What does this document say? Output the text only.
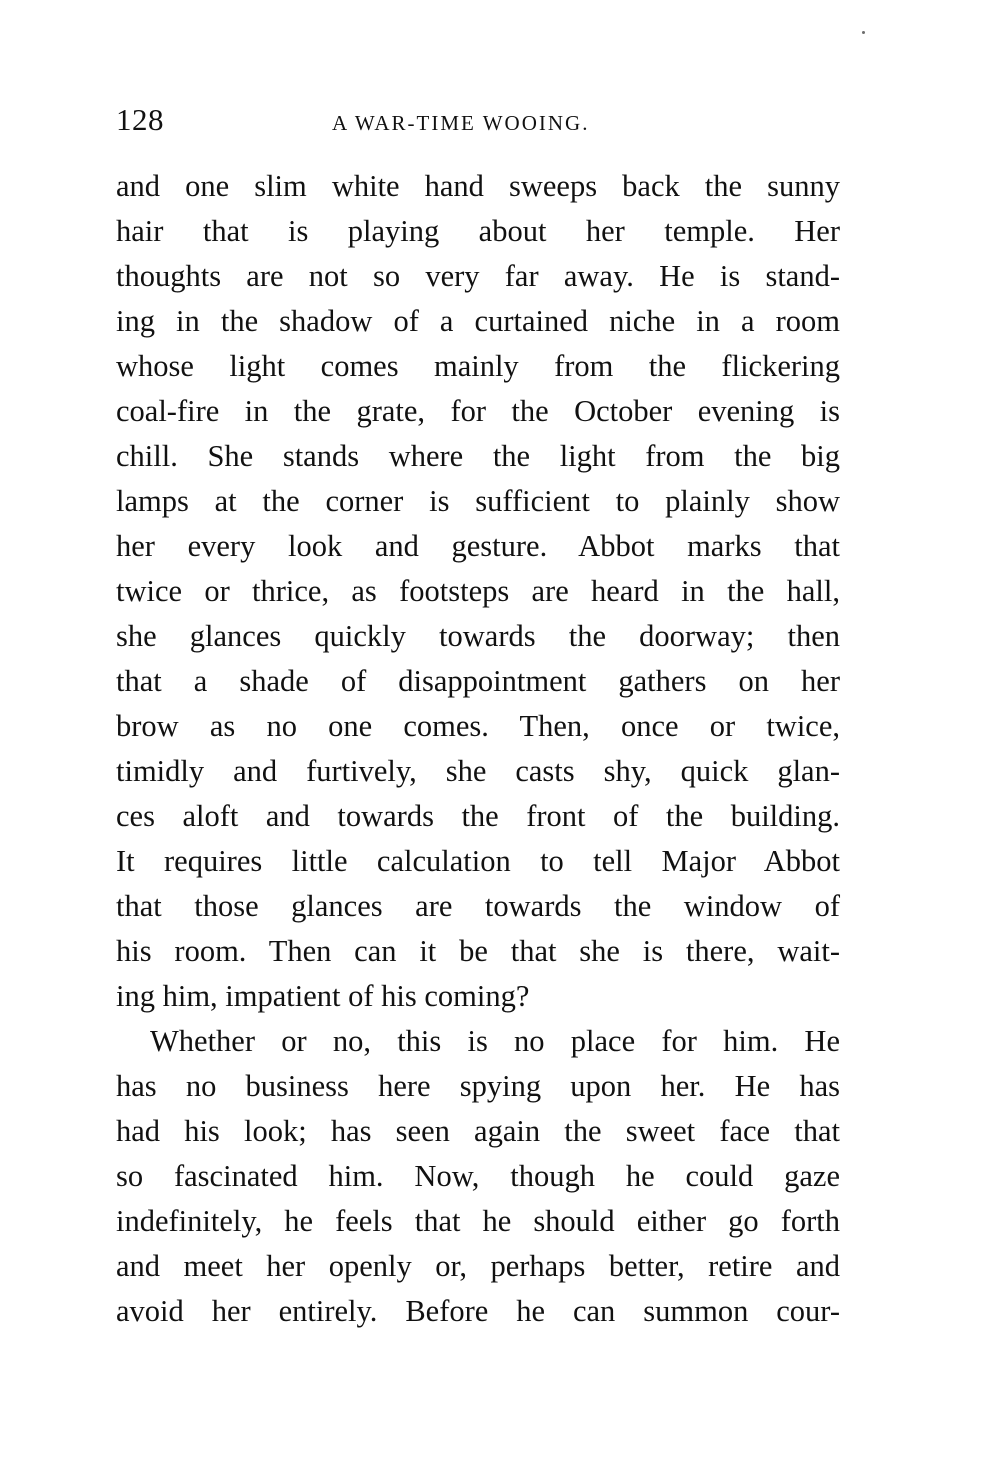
128	A WAR-TIME WOOING.
and one slim white hand sweeps back the sunny
hair that is playing about her temple. Her
thoughts are not so very far away. He is stand-
ing in the shadow of a curtained niche in a room
whose light comes mainly from the flickering
coal-fire in the grate, for the October evening is
chill. She stands where the light from the big
lamps at the corner is sufficient to plainly show
her every look and gesture. Abbot marks that
twice or thrice, as footsteps are heard in the hall,
she glances quickly towards the doorway; then
that a shade of disappointment gathers on her
brow as no one comes. Then, once or twice,
timidly and furtively, she casts shy, quick glan-
ces aloft and towards the front of the building.
It requires little calculation to tell Major Abbot
that those glances are towards the window of
his room. Then can it be that she is there, wait-
ing him, impatient of his coming?
Whether or no, this is no place for him. He
has no business here spying upon her. He has
had his look; has seen again the sweet face that
so fascinated him. Now, though he could gaze
indefinitely, he feels that he should either go forth
and meet her openly or, perhaps better, retire and
avoid her entirely. Before he can summon cour-
